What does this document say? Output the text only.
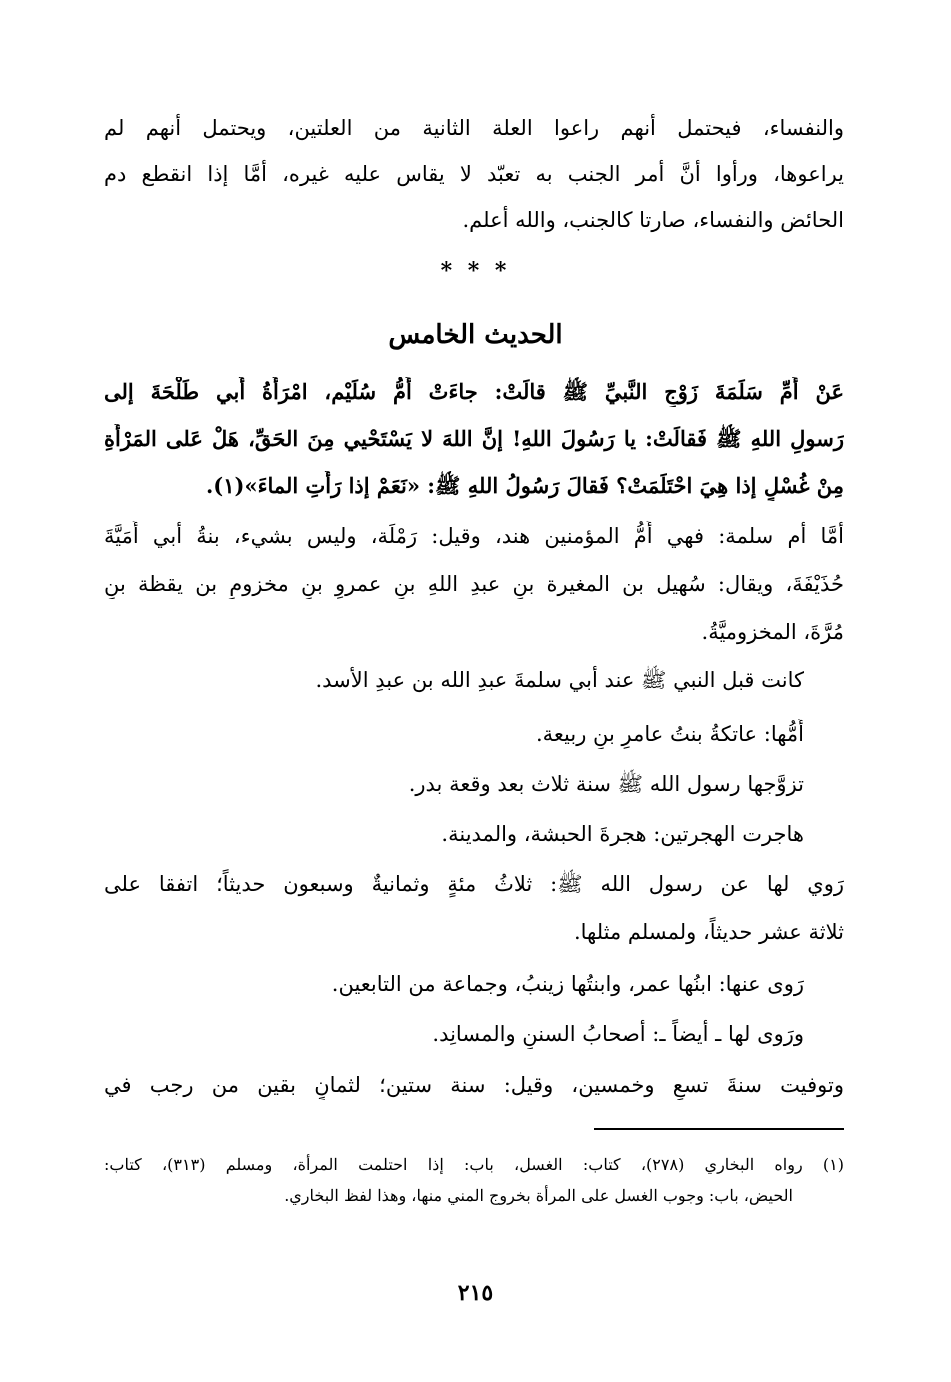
والنفساء، فيحتمل أنهم راعوا العلة الثانية من العلتين، ويحتمل أنهم لم
يراعوها، ورأوا أنَّ أمر الجنب به تعبّد لا يقاس عليه غيره، أمَّا إذا انقطع دم
الحائض والنفساء، صارتا كالجنب، والله أعلم.
* * *
الحديث الخامس
عَنْ أُمِّ سَلَمَةَ زَوْجِ النَّبيِّ ﷺ قالَتْ: جاءَتْ أُمُّ سُلَيْم، امْرَأَةُ أَبي طَلْحَةَ إلى
رَسولِ اللهِ ﷺ فَقالَتْ: يا رَسُولَ اللهِ! إنَّ اللهَ لا يَسْتَحْيي مِنَ الحَقِّ، هَلْ عَلى المَرْأَةِ
مِنْ غُسْلٍ إذا هِيَ احْتَلَمَتْ؟ فَقالَ رَسُولُ اللهِ ﷺ: «نَعَمْ إذا رَأَتِ الماءَ»(١).
أمَّا أم سلمة: فهي أُمُّ المؤمنين هند، وقيل: رَمْلَة، وليس بشيء، بنةُ أبي أُمَيَّةَ
حُذَيْفَةَ، ويقال: سُهيل بن المغيرة بنِ عبدِ اللهِ بنِ عمروِ بنِ مخزومِ بن يقظة بنِ
مُرَّةَ، المخزوميَّةُ.
كانت قبل النبي ﷺ عند أبي سلمةَ عبدِ الله بن عبدِ الأسد.
أُمُّها: عاتكةُ بنتُ عامرِ بنِ ربيعة.
تزوَّجها رسول الله ﷺ سنة ثلاث بعد وقعة بدر.
هاجرت الهجرتين: هجرةَ الحبشة، والمدينة.
رَوي لها عن رسول الله ﷺ: ثلاثُ مئةٍ وثمانيةٌ وسبعون حديثاً؛ اتفقا على
ثلاثة عشر حديثاً، ولمسلم مثلها.
رَوى عنها: ابنُها عمر، وابنتُها زينبُ، وجماعة من التابعين.
ورَوى لها ـ أيضاً ـ: أصحابُ السننِ والمسانِد.
وتوفيت سنةَ تسعٍ وخمسين، وقيل: سنة ستين؛ لثمانٍ بقين من رجب في
(١) رواه البخاري (٢٧٨)، كتاب: الغسل، باب: إذا احتلمت المرأة، ومسلم (٣١٣)، كتاب:
الحيض، باب: وجوب الغسل على المرأة بخروج المني منها، وهذا لفظ البخاري.
٢١٥
